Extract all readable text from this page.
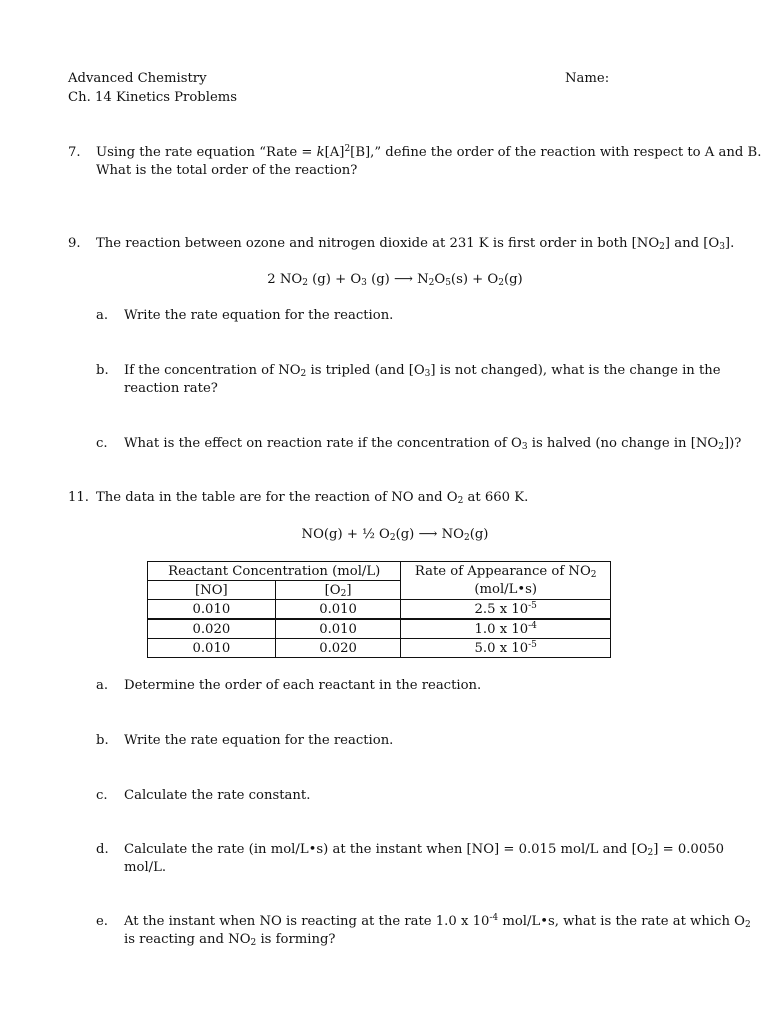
Advanced Chemistry
Ch. 14 Kinetics Problems
Name:
7. Using the rate equation “Rate = $k[A]^2[B]$,” define the order of the reaction with respect to A and B.
What is the total order of the reaction?
9. The reaction between ozone and nitrogen dioxide at 231 K is first order in both $[NO_2]$ and $[O_3]$.
2 $NO_2$ $(g) + O_3$ (g) ⟶ $N_2O_5(s) + O_2(g)$
a. Write the rate equation for the reaction.
b. If the concentration of $NO_2$ is tripled (and $[O_3]$ is not changed), what is the change in the
reaction rate?
c. What is the effect on reaction rate if the concentration of $O_3$ is halved (no change in $[NO_2]$)?
11. The data in the table are for the reaction of NO and $O_2$ at 660 K.
NO(g) + ½ $O_2(g)$ ⟶ $NO_2(g)$
Reactant Concentration (mol/L)		Rate of Appearance of $NO_2$
(mol/L•s)
[NO]	$[O_2]$	
0.010	0.010	2.5 x $10^{-5}$
0.020	0.010	1.0 x $10^{-4}$
0.010	0.020	5.0 x $10^{-5}$
a. Determine the order of each reactant in the reaction.
b. Write the rate equation for the reaction.
c. Calculate the rate constant.
d. Calculate the rate (in mol/L•s) at the instant when [NO] = 0.015 mol/L and $[O_2] = 0.0050$
mol/L.
e. At the instant when NO is reacting at the rate 1.0 x $10^{-4}$ mol/L•s, what is the rate at which $O_2$
is reacting and $NO_2$ is forming?
